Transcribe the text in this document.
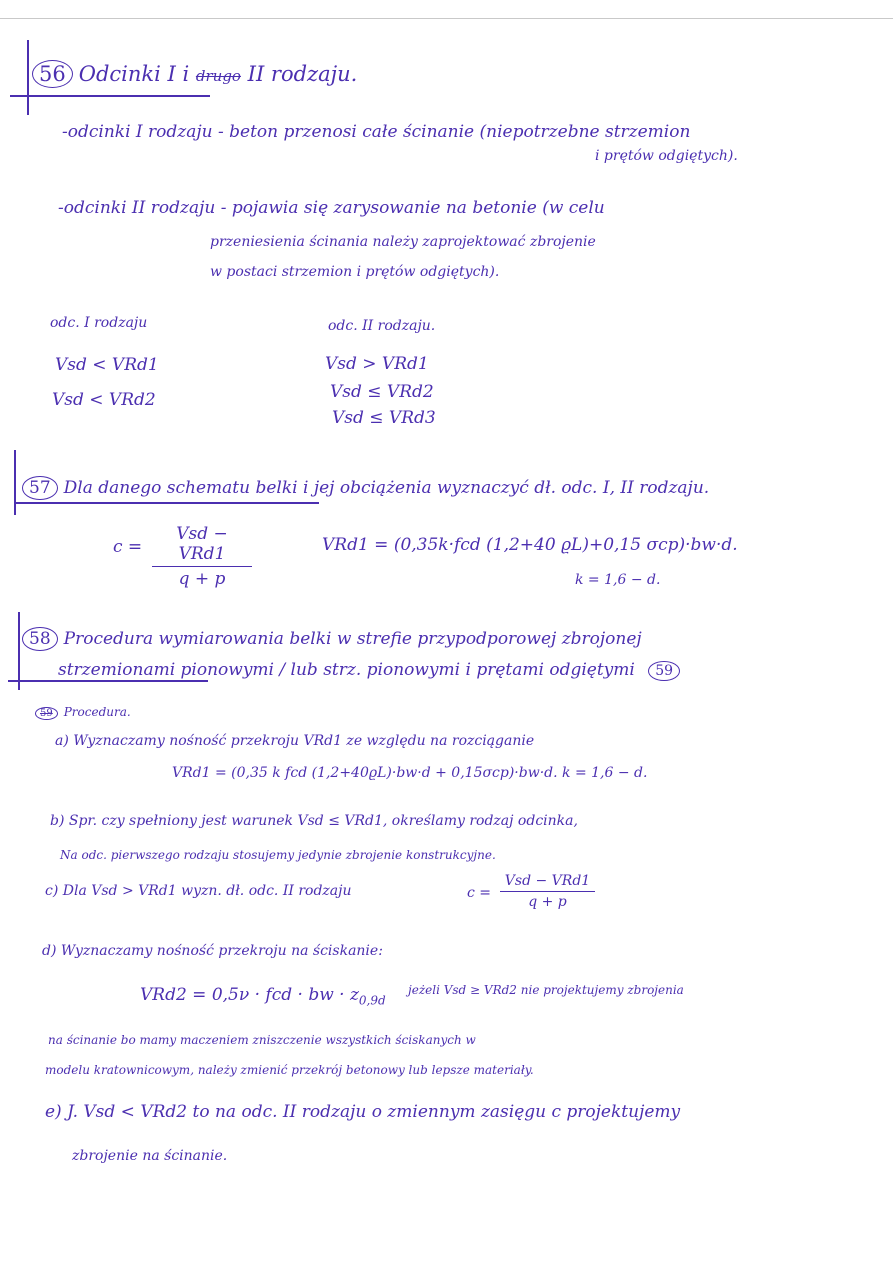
56 Odcinki I i drugo II rodzaju.
-odcinki I rodzaju - beton przenosi całe ścinanie (niepotrzebne strzemion
i prętów odgiętych).
-odcinki II rodzaju - pojawia się zarysowanie na betonie (w celu
przeniesienia ścinania należy zaprojektować zbrojenie
w postaci strzemion i prętów odgiętych).
odc. I rodzaju
Vsd < VRd1
Vsd < VRd2
odc. II rodzaju.
Vsd > VRd1
Vsd ≤ VRd2
Vsd ≤ VRd3
57 Dla danego schematu belki i jej obciążenia wyznaczyć dł. odc. I, II rodzaju.
c =
Vsd − VRd1
q + p
VRd1 = (0,35k·fcd (1,2+40 ϱL)+0,15 σcp)·bw·d.
k = 1,6 − d.
58 Procedura wymiarowania belki w strefie przypodporowej zbrojonej
strzemionami pionowymi / lub strz. pionowymi i prętami odgiętymi 59
59 Procedura.
a) Wyznaczamy nośność przekroju VRd1 ze względu na rozciąganie
VRd1 = (0,35 k fcd (1,2+40ϱL)·bw·d + 0,15σcp)·bw·d. k = 1,6 − d.
b) Spr. czy spełniony jest warunek Vsd ≤ VRd1, określamy rodzaj odcinka,
Na odc. pierwszego rodzaju stosujemy jedynie zbrojenie konstrukcyjne.
c) Dla Vsd > VRd1 wyzn. dł. odc. II rodzaju	c =
Vsd − VRd1
q + p
d) Wyznaczamy nośność przekroju na ściskanie:
VRd2 = 0,5ν · fcd · bw · $z_{0,9d}$
jeżeli Vsd ≥ VRd2 nie projektujemy zbrojenia
na ścinanie bo mamy maczeniem zniszczenie wszystkich ściskanych w
modelu kratownicowym, należy zmienić przekrój betonowy lub lepsze materiały.
e) J. Vsd < VRd2 to na odc. II rodzaju o zmiennym zasięgu c projektujemy
zbrojenie na ścinanie.
